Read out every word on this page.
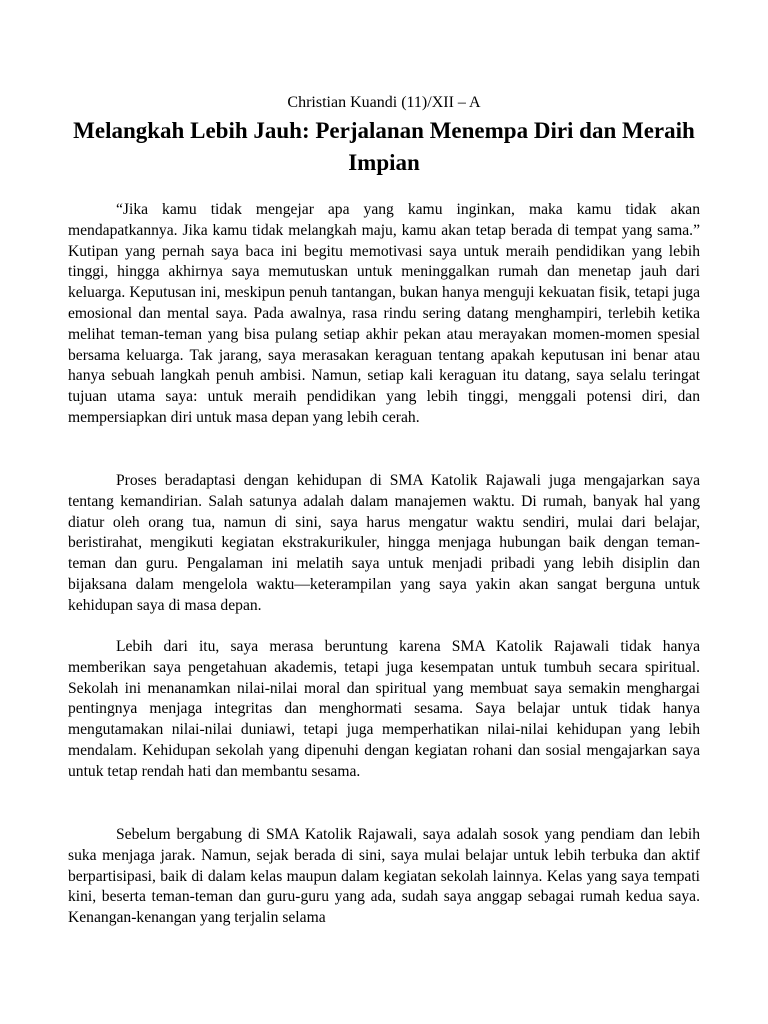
Christian Kuandi (11)/XII – A
Melangkah Lebih Jauh: Perjalanan Menempa Diri dan Meraih Impian

“Jika kamu tidak mengejar apa yang kamu inginkan, maka kamu tidak akan mendapatkannya. Jika kamu tidak melangkah maju, kamu akan tetap berada di tempat yang sama.” Kutipan yang pernah saya baca ini begitu memotivasi saya untuk meraih pendidikan yang lebih tinggi, hingga akhirnya saya memutuskan untuk meninggalkan rumah dan menetap jauh dari keluarga. Keputusan ini, meskipun penuh tantangan, bukan hanya menguji kekuatan fisik, tetapi juga emosional dan mental saya. Pada awalnya, rasa rindu sering datang menghampiri, terlebih ketika melihat teman-teman yang bisa pulang setiap akhir pekan atau merayakan momen-momen spesial bersama keluarga. Tak jarang, saya merasakan keraguan tentang apakah keputusan ini benar atau hanya sebuah langkah penuh ambisi. Namun, setiap kali keraguan itu datang, saya selalu teringat tujuan utama saya: untuk meraih pendidikan yang lebih tinggi, menggali potensi diri, dan mempersiapkan diri untuk masa depan yang lebih cerah.

Proses beradaptasi dengan kehidupan di SMA Katolik Rajawali juga mengajarkan saya tentang kemandirian. Salah satunya adalah dalam manajemen waktu. Di rumah, banyak hal yang diatur oleh orang tua, namun di sini, saya harus mengatur waktu sendiri, mulai dari belajar, beristirahat, mengikuti kegiatan ekstrakurikuler, hingga menjaga hubungan baik dengan teman-teman dan guru. Pengalaman ini melatih saya untuk menjadi pribadi yang lebih disiplin dan bijaksana dalam mengelola waktu—keterampilan yang saya yakin akan sangat berguna untuk kehidupan saya di masa depan.

Lebih dari itu, saya merasa beruntung karena SMA Katolik Rajawali tidak hanya memberikan saya pengetahuan akademis, tetapi juga kesempatan untuk tumbuh secara spiritual. Sekolah ini menanamkan nilai-nilai moral dan spiritual yang membuat saya semakin menghargai pentingnya menjaga integritas dan menghormati sesama. Saya belajar untuk tidak hanya mengutamakan nilai-nilai duniawi, tetapi juga memperhatikan nilai-nilai kehidupan yang lebih mendalam. Kehidupan sekolah yang dipenuhi dengan kegiatan rohani dan sosial mengajarkan saya untuk tetap rendah hati dan membantu sesama.

Sebelum bergabung di SMA Katolik Rajawali, saya adalah sosok yang pendiam dan lebih suka menjaga jarak. Namun, sejak berada di sini, saya mulai belajar untuk lebih terbuka dan aktif berpartisipasi, baik di dalam kelas maupun dalam kegiatan sekolah lainnya. Kelas yang saya tempati kini, beserta teman-teman dan guru-guru yang ada, sudah saya anggap sebagai rumah kedua saya. Kenangan-kenangan yang terjalin selama
